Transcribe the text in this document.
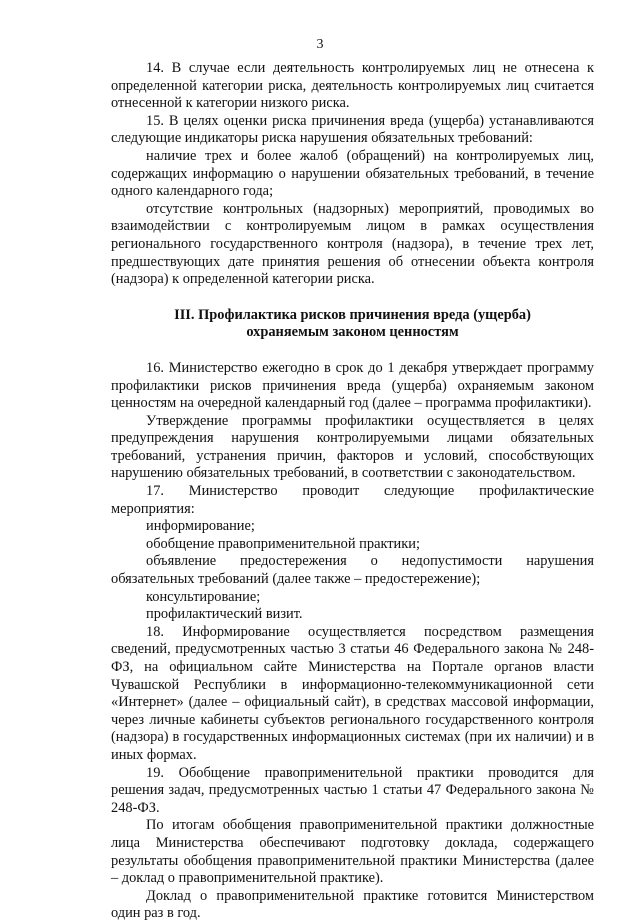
3

14. В случае если деятельность контролируемых лиц не отнесена к определенной категории риска, деятельность контролируемых лиц считается отнесенной к категории низкого риска.

15. В целях оценки риска причинения вреда (ущерба) устанавливаются следующие индикаторы риска нарушения обязательных требований:

наличие трех и более жалоб (обращений) на контролируемых лиц, содержащих информацию о нарушении обязательных требований, в течение одного календарного года;

отсутствие контрольных (надзорных) мероприятий, проводимых во взаимодействии с контролируемым лицом в рамках осуществления регионального государственного контроля (надзора), в течение трех лет, предшествующих дате принятия решения об отнесении объекта контроля (надзора) к определенной категории риска.

III. Профилактика рисков причинения вреда (ущерба)
охраняемым законом ценностям

16. Министерство ежегодно в срок до 1 декабря утверждает программу профилактики рисков причинения вреда (ущерба) охраняемым законом ценностям на очередной календарный год (далее – программа профилактики).

Утверждение программы профилактики осуществляется в целях предупреждения нарушения контролируемыми лицами обязательных требований, устранения причин, факторов и условий, способствующих нарушению обязательных требований, в соответствии с законодательством.

17. Министерство проводит следующие профилактические мероприятия:

информирование;

обобщение правоприменительной практики;

объявление предостережения о недопустимости нарушения обязательных требований (далее также – предостережение);

консультирование;

профилактический визит.

18. Информирование осуществляется посредством размещения сведений, предусмотренных частью 3 статьи 46 Федерального закона № 248-ФЗ, на официальном сайте Министерства на Портале органов власти Чувашской Республики в информационно-телекоммуникационной сети «Интернет» (далее – официальный сайт), в средствах массовой информации, через личные кабинеты субъектов регионального государственного контроля (надзора) в государственных информационных системах (при их наличии) и в иных формах.

19. Обобщение правоприменительной практики проводится для решения задач, предусмотренных частью 1 статьи 47 Федерального закона № 248-ФЗ.

По итогам обобщения правоприменительной практики должностные лица Министерства обеспечивают подготовку доклада, содержащего результаты обобщения правоприменительной практики Министерства (далее – доклад о правоприменительной практике).

Доклад о правоприменительной практике готовится Министерством один раз в год.
